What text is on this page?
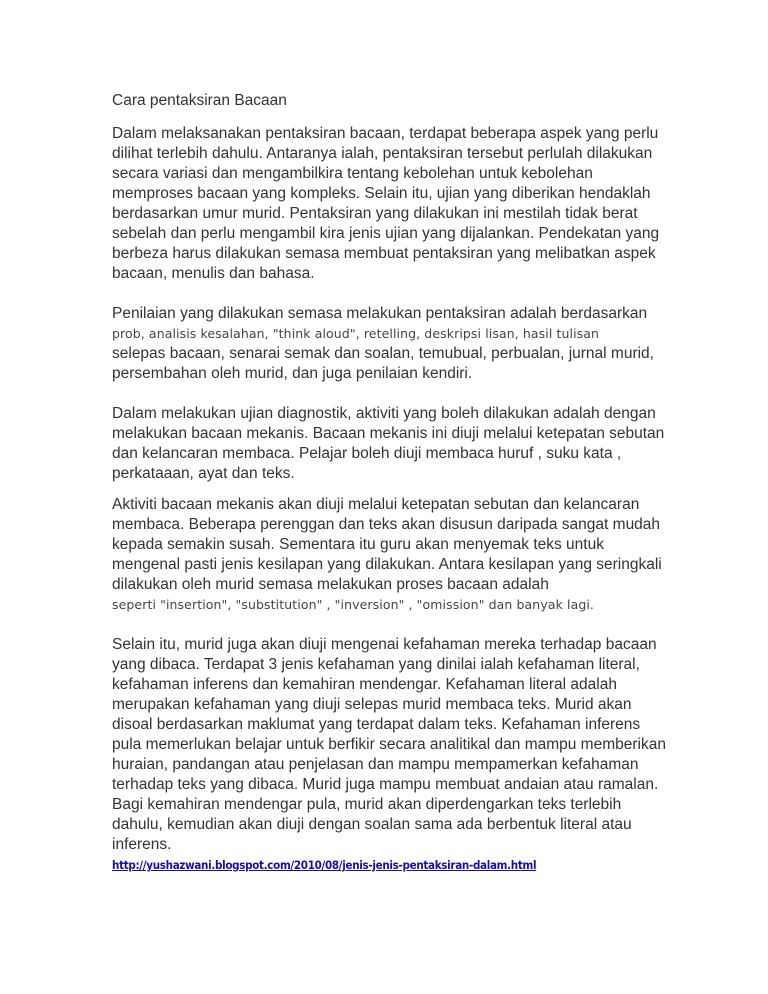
Cara pentaksiran Bacaan
Dalam melaksanakan pentaksiran bacaan, terdapat beberapa aspek yang perlu
dilihat terlebih dahulu. Antaranya ialah, pentaksiran tersebut perlulah dilakukan
secara variasi dan mengambilkira tentang kebolehan untuk kebolehan
memproses bacaan yang kompleks. Selain itu, ujian yang diberikan hendaklah
berdasarkan umur murid. Pentaksiran yang dilakukan ini mestilah tidak berat
sebelah dan perlu mengambil kira jenis ujian yang dijalankan. Pendekatan yang
berbeza harus dilakukan semasa membuat pentaksiran yang melibatkan aspek
bacaan, menulis dan bahasa.
Penilaian yang dilakukan semasa melakukan pentaksiran adalah berdasarkan
prob, analisis kesalahan, "think aloud", retelling, deskripsi lisan, hasil tulisan
selepas bacaan, senarai semak dan soalan, temubual, perbualan, jurnal murid,
persembahan oleh murid, dan juga penilaian kendiri.
Dalam melakukan ujian diagnostik, aktiviti yang boleh dilakukan adalah dengan
melakukan bacaan mekanis. Bacaan mekanis ini diuji melalui ketepatan sebutan
dan kelancaran membaca. Pelajar boleh diuji membaca huruf , suku kata ,
perkataaan, ayat dan teks.
Aktiviti bacaan mekanis akan diuji melalui ketepatan sebutan dan kelancaran
membaca. Beberapa perenggan dan teks akan disusun daripada sangat mudah
kepada semakin susah. Sementara itu guru akan menyemak teks untuk
mengenal pasti jenis kesilapan yang dilakukan. Antara kesilapan yang seringkali
dilakukan oleh murid semasa melakukan proses bacaan adalah
seperti "insertion", "substitution" , "inversion" , "omission" dan banyak lagi.
Selain itu, murid juga akan diuji mengenai kefahaman mereka terhadap bacaan
yang dibaca. Terdapat 3 jenis kefahaman yang dinilai ialah kefahaman literal,
kefahaman inferens dan kemahiran mendengar. Kefahaman literal adalah
merupakan kefahaman yang diuji selepas murid membaca teks. Murid akan
disoal berdasarkan maklumat yang terdapat dalam teks. Kefahaman inferens
pula memerlukan belajar untuk berfikir secara analitikal dan mampu memberikan
huraian, pandangan atau penjelasan dan mampu mempamerkan kefahaman
terhadap teks yang dibaca. Murid juga mampu membuat andaian atau ramalan.
Bagi kemahiran mendengar pula, murid akan diperdengarkan teks terlebih
dahulu, kemudian akan diuji dengan soalan sama ada berbentuk literal atau
inferens.
http://yushazwani.blogspot.com/2010/08/jenis-jenis-pentaksiran-dalam.html
